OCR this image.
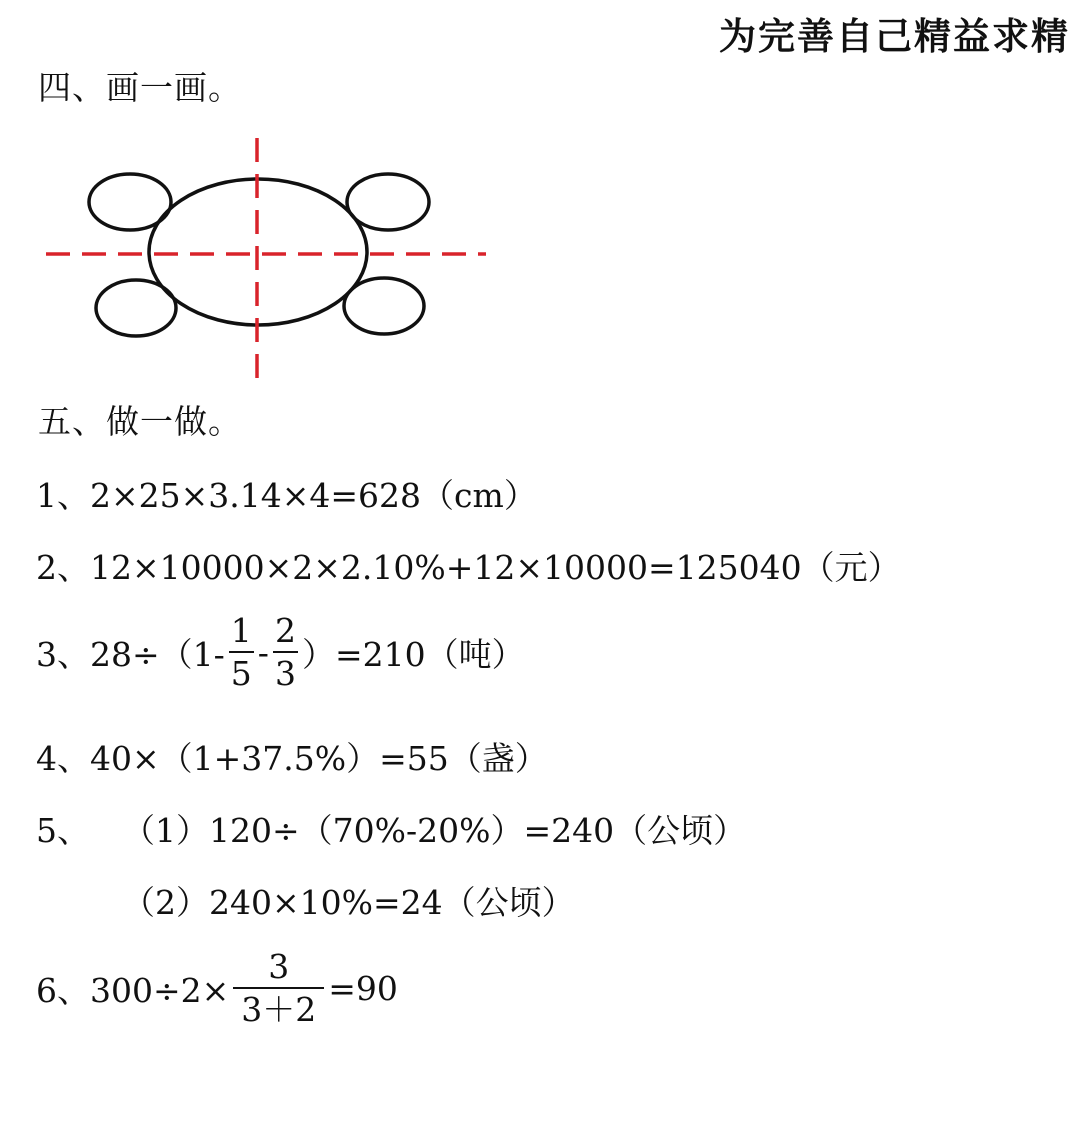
为完善自己精益求精
四、画一画。
五、做一做。
1、2×25×3.14×4=628（cm）
2、12×10000×2×2.10%+12×10000=125040（元）
3、$28\div(1- \frac{1}{5} - \frac{2}{3} )=210$（吨）
4、40×（1+37.5%）=55（盏）
5、 （1）120÷（70%-20%）=240（公顷）
（2）240×10%=24（公顷）
6、$300\div 2\times \frac{3}{3+2} =90$
